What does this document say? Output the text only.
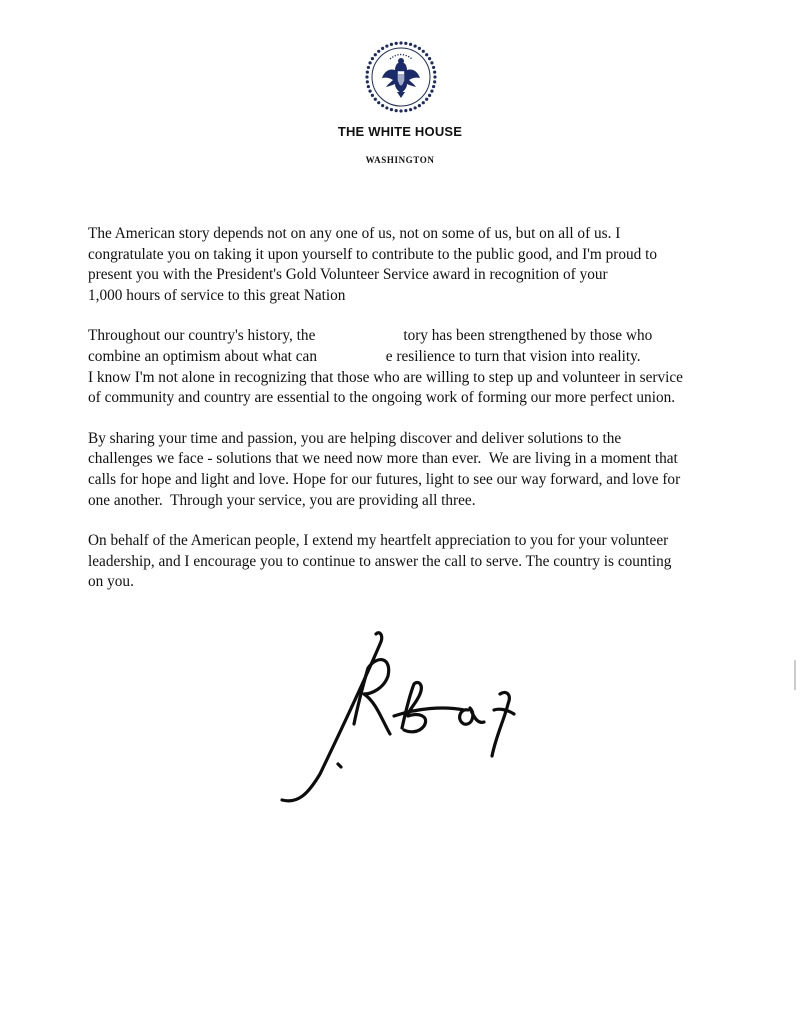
THE WHITE HOUSE
WASHINGTON

The American story depends not on any one of us, not on some of us, but on all of us. I
congratulate you on taking it upon yourself to contribute to the public good, and I'm proud to
present you with the President's Gold Volunteer Service award in recognition of your
1,000 hours of service to this great Nation

Throughout our country's history, the                       tory has been strengthened by those who
combine an optimism about what can                  e resilience to turn that vision into reality.
I know I'm not alone in recognizing that those who are willing to step up and volunteer in service
of community and country are essential to the ongoing work of forming our more perfect union.

By sharing your time and passion, you are helping discover and deliver solutions to the
challenges we face - solutions that we need now more than ever.  We are living in a moment that
calls for hope and light and love. Hope for our futures, light to see our way forward, and love for
one another.  Through your service, you are providing all three.

On behalf of the American people, I extend my heartfelt appreciation to you for your volunteer
leadership, and I encourage you to continue to answer the call to serve. The country is counting
on you.
